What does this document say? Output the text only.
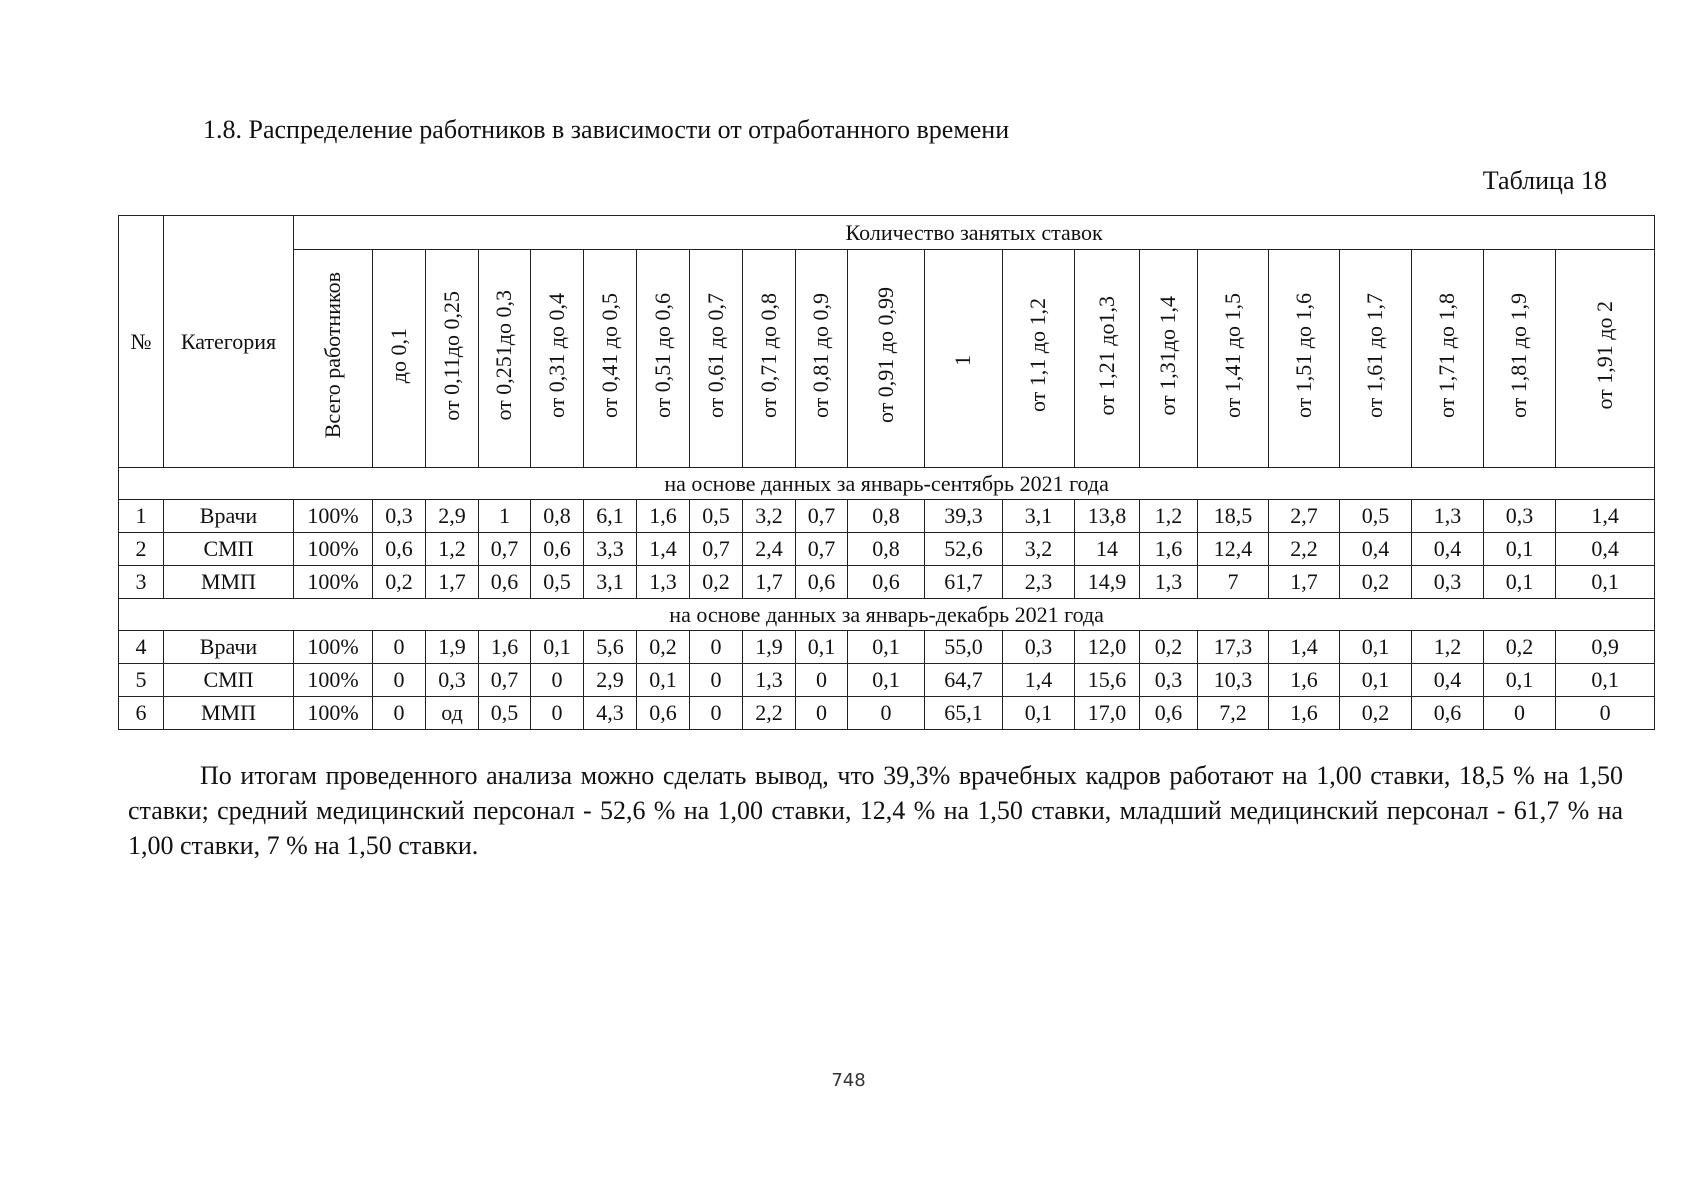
1.8. Распределение работников в зависимости от отработанного времени
Таблица 18
№	Категория	Количество занятых ставок																				
		Всего работников	до 0,1	от 0,11до 0,25	от 0,251до 0,3	от 0,31 до 0,4	от 0,41 до 0,5	от 0,51 до 0,6	от 0,61 до 0,7	от 0,71 до 0,8	от 0,81 до 0,9	от 0,91 до 0,99	1	от 1,1 до 1,2	от 1,21 до1,3	от 1,31до 1,4	от 1,41 до 1,5	от 1,51 до 1,6	от 1,61 до 1,7	от 1,71 до 1,8	от 1,81 до 1,9	от 1,91 до 2
на основе данных за январь-сентябрь 2021 года																						
1	Врачи	100%	0,3	2,9	1	0,8	6,1	1,6	0,5	3,2	0,7	0,8	39,3	3,1	13,8	1,2	18,5	2,7	0,5	1,3	0,3	1,4
2	СМП	100%	0,6	1,2	0,7	0,6	3,3	1,4	0,7	2,4	0,7	0,8	52,6	3,2	14	1,6	12,4	2,2	0,4	0,4	0,1	0,4
3	ММП	100%	0,2	1,7	0,6	0,5	3,1	1,3	0,2	1,7	0,6	0,6	61,7	2,3	14,9	1,3	7	1,7	0,2	0,3	0,1	0,1
на основе данных за январь-декабрь 2021 года																						
4	Врачи	100%	0	1,9	1,6	0,1	5,6	0,2	0	1,9	0,1	0,1	55,0	0,3	12,0	0,2	17,3	1,4	0,1	1,2	0,2	0,9
5	СМП	100%	0	0,3	0,7	0	2,9	0,1	0	1,3	0	0,1	64,7	1,4	15,6	0,3	10,3	1,6	0,1	0,4	0,1	0,1
6	ММП	100%	0	од	0,5	0	4,3	0,6	0	2,2	0	0	65,1	0,1	17,0	0,6	7,2	1,6	0,2	0,6	0	0
По итогам проведенного анализа можно сделать вывод, что 39,3% врачебных кадров работают на 1,00 ставки, 18,5 % на 1,50 ставки; средний медицинский персонал - 52,6 % на 1,00 ставки, 12,4 % на 1,50 ставки, младший медицинский персонал - 61,7 % на 1,00 ставки, 7 % на 1,50 ставки.
748
